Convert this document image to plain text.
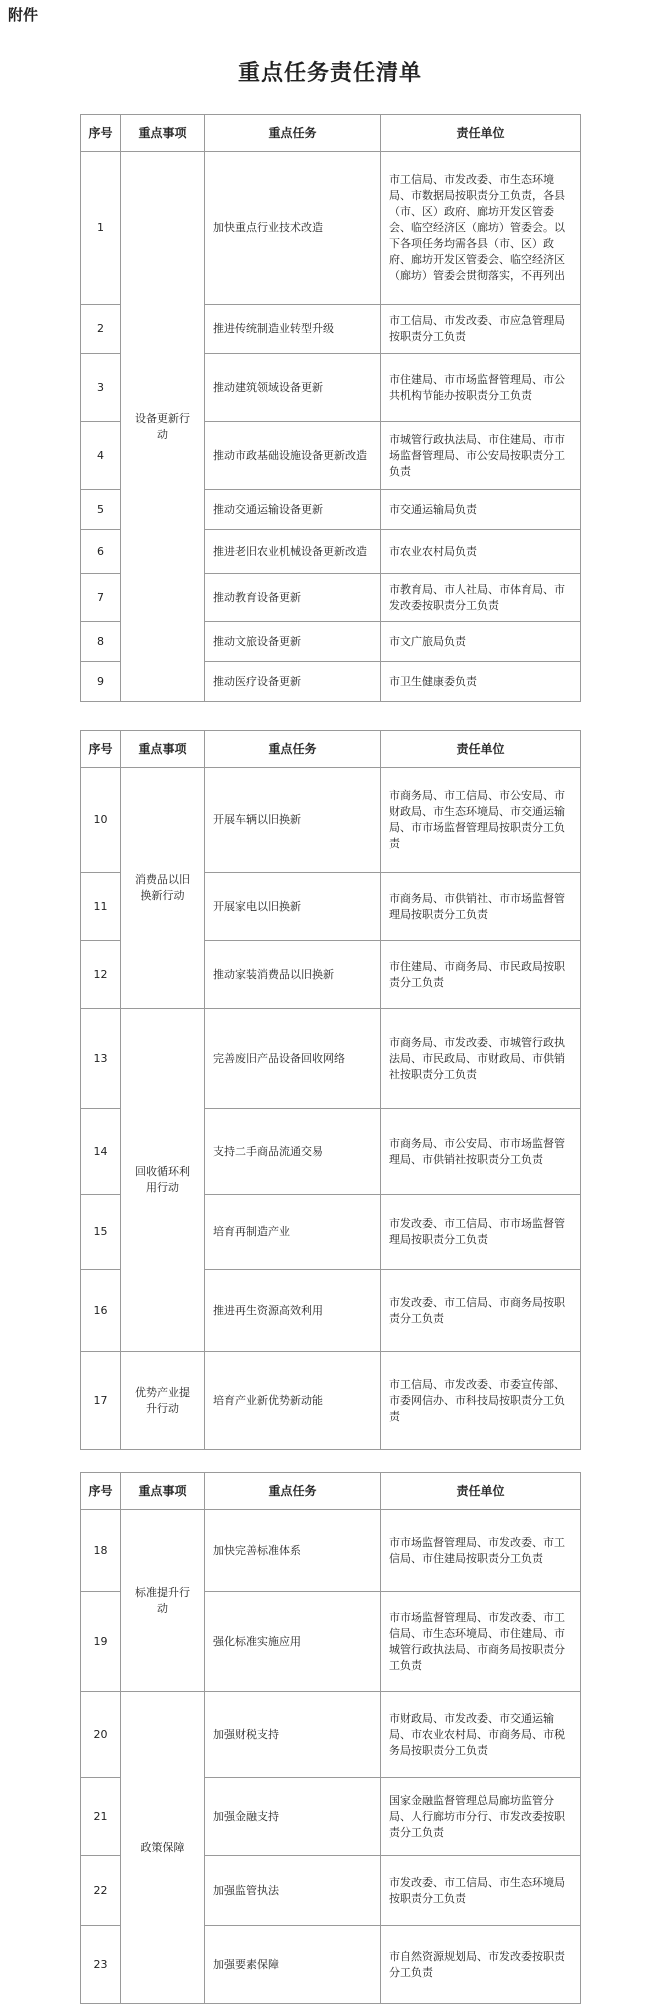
附件
重点任务责任清单
序号	重点事项	重点任务	责任单位
1	设备更新行动	加快重点行业技术改造	市工信局、市发改委、市生态环境局、市数据局按职责分工负责，各县（市、区）政府、廊坊开发区管委会、临空经济区（廊坊）管委会。以下各项任务均需各县（市、区）政府、廊坊开发区管委会、临空经济区（廊坊）管委会贯彻落实，不再列出
2		推进传统制造业转型升级	市工信局、市发改委、市应急管理局按职责分工负责
3		推动建筑领域设备更新	市住建局、市市场监督管理局、市公共机构节能办按职责分工负责
4		推动市政基础设施设备更新改造	市城管行政执法局、市住建局、市市场监督管理局、市公安局按职责分工负责
5		推动交通运输设备更新	市交通运输局负责
6		推进老旧农业机械设备更新改造	市农业农村局负责
7		推动教育设备更新	市教育局、市人社局、市体育局、市发改委按职责分工负责
8		推动文旅设备更新	市文广旅局负责
9		推动医疗设备更新	市卫生健康委负责
序号	重点事项	重点任务	责任单位
10	消费品以旧换新行动	开展车辆以旧换新	市商务局、市工信局、市公安局、市财政局、市生态环境局、市交通运输局、市市场监督管理局按职责分工负责
11		开展家电以旧换新	市商务局、市供销社、市市场监督管理局按职责分工负责
12		推动家装消费品以旧换新	市住建局、市商务局、市民政局按职责分工负责
13	回收循环利用行动	完善废旧产品设备回收网络	市商务局、市发改委、市城管行政执法局、市民政局、市财政局、市供销社按职责分工负责
14		支持二手商品流通交易	市商务局、市公安局、市市场监督管理局、市供销社按职责分工负责
15		培育再制造产业	市发改委、市工信局、市市场监督管理局按职责分工负责
16		推进再生资源高效利用	市发改委、市工信局、市商务局按职责分工负责
17	优势产业提升行动	培育产业新优势新动能	市工信局、市发改委、市委宣传部、市委网信办、市科技局按职责分工负责
序号	重点事项	重点任务	责任单位
18	标准提升行动	加快完善标准体系	市市场监督管理局、市发改委、市工信局、市住建局按职责分工负责
19		强化标准实施应用	市市场监督管理局、市发改委、市工信局、市生态环境局、市住建局、市城管行政执法局、市商务局按职责分工负责
20	政策保障	加强财税支持	市财政局、市发改委、市交通运输局、市农业农村局、市商务局、市税务局按职责分工负责
21		加强金融支持	国家金融监督管理总局廊坊监管分局、人行廊坊市分行、市发改委按职责分工负责
22		加强监管执法	市发改委、市工信局、市生态环境局按职责分工负责
23		加强要素保障	市自然资源规划局、市发改委按职责分工负责
